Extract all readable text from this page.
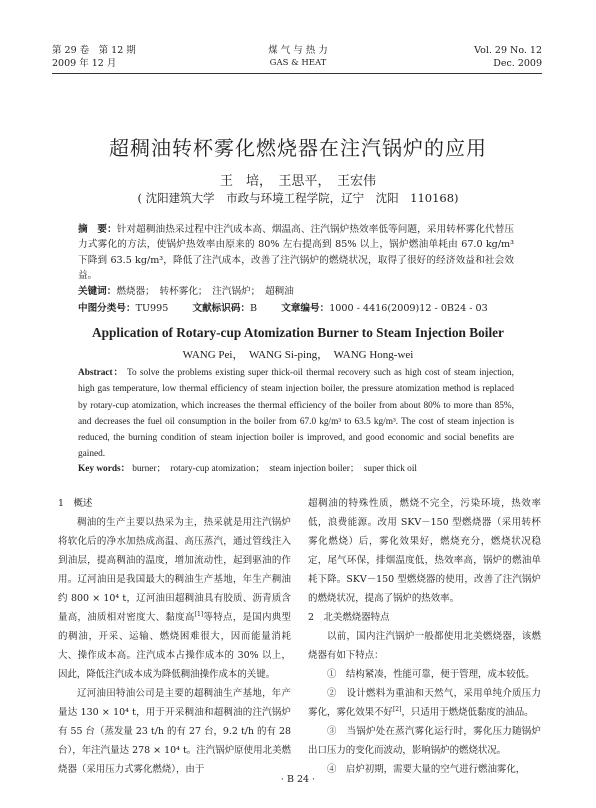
第 29 卷　第 12 期
2009 年 12 月
煤 气 与 热 力
GAS & HEAT
Vol. 29 No. 12
Dec. 2009
超稠油转杯雾化燃烧器在注汽锅炉的应用
王　培，　王思平，　王宏伟
( 沈阳建筑大学　市政与环境工程学院，辽宁　沈阳　110168)
摘　要：针对超稠油热采过程中注汽成本高、烟温高、注汽锅炉热效率低等问题，采用转杯雾化代替压力式雾化的方法，使锅炉热效率由原来的 80% 左右提高到 85% 以上，锅炉燃油单耗由 67.0 kg/m³ 下降到 63.5 kg/m³，降低了注汽成本，改善了注汽锅炉的燃烧状况，取得了很好的经济效益和社会效益。
关键词：燃烧器；　转杯雾化；　注汽锅炉；　超稠油
中图分类号：TU995	文献标识码：B	文章编号：1000 - 4416(2009)12 - 0B24 - 03
Application of Rotary-cup Atomization Burner to Steam Injection Boiler
WANG Pei，　WANG Si-ping，　WANG Hong-wei
Abstract： To solve the problems existing super thick-oil thermal recovery such as high cost of steam injection, high gas temperature, low thermal efficiency of steam injection boiler, the pressure atomization method is replaced by rotary-cup atomization, which increases the thermal efficiency of the boiler from about 80% to more than 85%, and decreases the fuel oil consumption in the boiler from 67.0 kg/m³ to 63.5 kg/m³. The cost of steam injection is reduced, the burning condition of steam injection boiler is improved, and good economic and social benefits are gained.
Key words： burner；　rotary-cup atomization；　steam injection boiler；　super thick oil

1　概述

稠油的生产主要以热采为主，热采就是用注汽锅炉将软化后的净水加热成高温、高压蒸汽，通过管线注入到油层，提高稠油的温度，增加流动性，起到驱油的作用。辽河油田是我国最大的稠油生产基地，年生产稠油约 800 × 10⁴ t，辽河油田超稠油具有胶质、沥青质含量高，油质相对密度大、黏度高[1]等特点，是国内典型的稠油，开采、运输、燃烧困难很大，因而能量消耗大、操作成本高。注汽成本占操作成本的 30% 以上，因此，降低注汽成本成为降低稠油操作成本的关键。

辽河油田特油公司是主要的超稠油生产基地，年产量达 130 × 10⁴ t，用于开采稠油和超稠油的注汽锅炉有 55 台（蒸发量 23 t/h 的有 27 台，9.2 t/h 的有 28 台），年注汽量达 278 × 10⁴ t。注汽锅炉原使用北美燃烧器（采用压力式雾化燃烧），由于

超稠油的特殊性质，燃烧不完全，污染环境，热效率低，浪费能源。改用 SKV－150 型燃烧器（采用转杯雾化燃烧）后，雾化效果好，燃烧充分，燃烧状况稳定，尾气环保，排烟温度低，热效率高，锅炉的燃油单耗下降。SKV－150 型燃烧器的使用，改善了注汽锅炉的燃烧状况，提高了锅炉的热效率。

2　北美燃烧器特点

以前，国内注汽锅炉一般都使用北美燃烧器，该燃烧器有如下特点：

①　结构紧凑，性能可靠，便于管理，成本较低。

②　设计燃料为重油和天然气，采用单纯介质压力雾化，雾化效果不好[2]，只适用于燃烧低黏度的油品。

③　当锅炉处在蒸汽雾化运行时，雾化压力随锅炉出口压力的变化而波动，影响锅炉的燃烧状况。

④　启炉初期，需要大量的空气进行燃油雾化，

· B 24 ·
